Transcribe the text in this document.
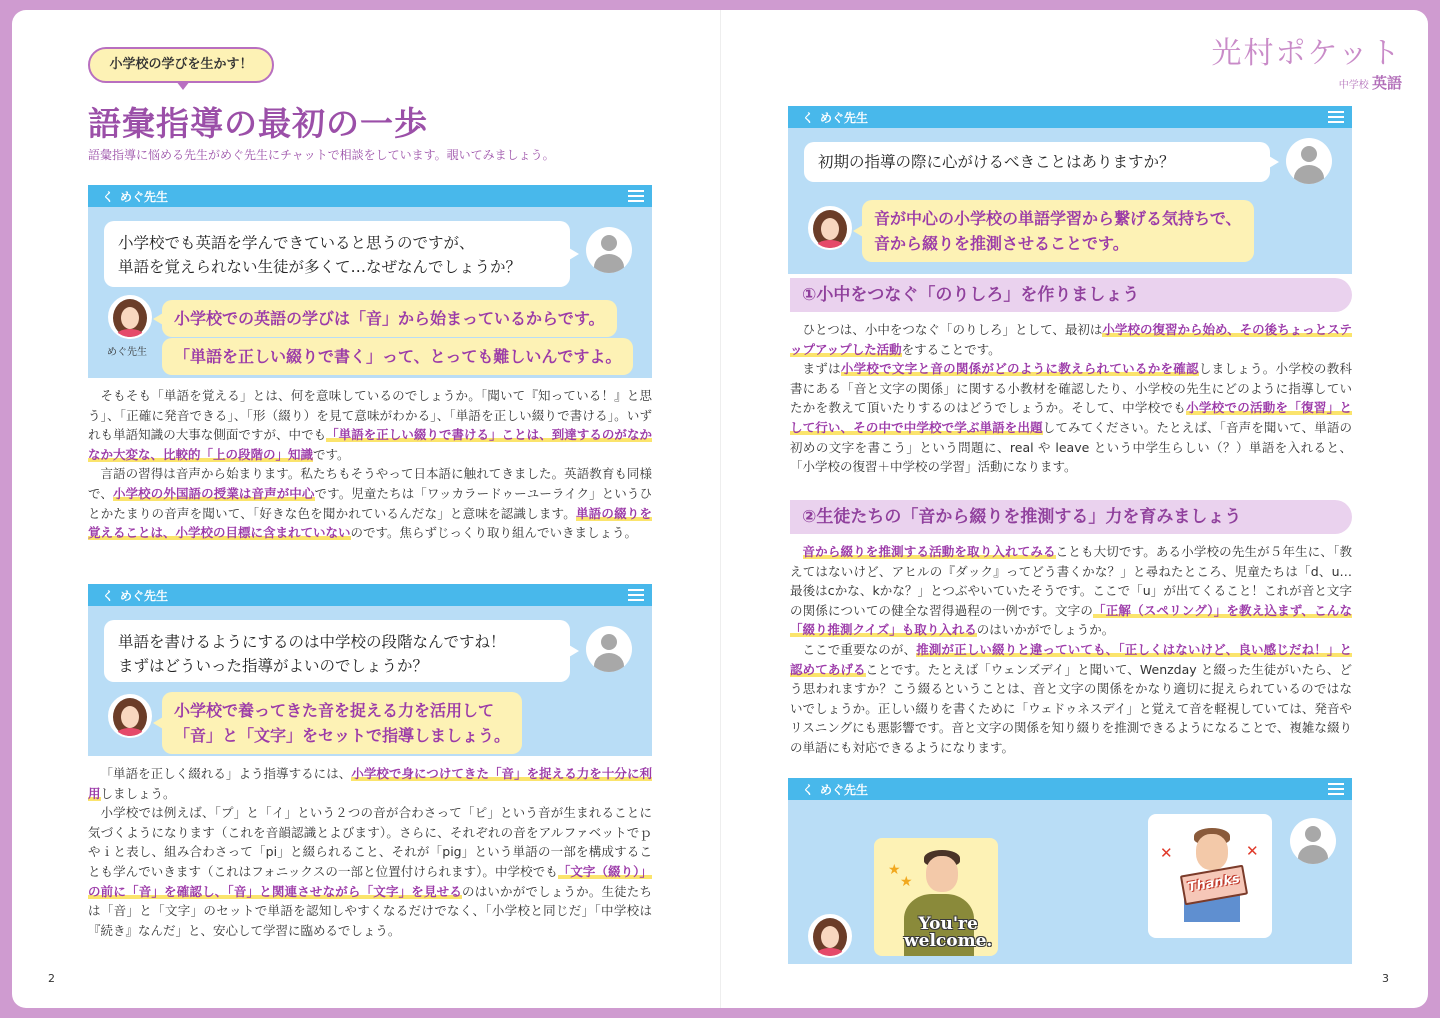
小学校の学びを生かす！
語彙指導の最初の一歩
語彙指導に悩める先生がめぐ先生にチャットで相談をしています。覗いてみましょう。
光村ポケット
中学校 英語
く めぐ先生
小学校でも英語を学んできていると思うのですが、
単語を覚えられない生徒が多くて…なぜなんでしょうか？
めぐ先生
小学校での英語の学びは「音」から始まっているからです。
「単語を正しい綴りで書く」って、とっても難しいんですよ。

そもそも「単語を覚える」とは、何を意味しているのでしょうか。「聞いて『知っている！』と思う」、「正確に発音できる」、「形（綴り）を見て意味がわかる」、「単語を正しい綴りで書ける」。いずれも単語知識の大事な側面ですが、中でも「単語を正しい綴りで書ける」ことは、到達するのがなかなか大変な、比較的「上の段階の」知識です。

言語の習得は音声から始まります。私たちもそうやって日本語に触れてきました。英語教育も同様で、小学校の外国語の授業は音声が中心です。児童たちは「ワッカラードゥーユーライク」というひとかたまりの音声を聞いて、「好きな色を聞かれているんだな」と意味を認識します。単語の綴りを覚えることは、小学校の目標に含まれていないのです。焦らずじっくり取り組んでいきましょう。

く めぐ先生
単語を書けるようにするのは中学校の段階なんですね！
まずはどういった指導がよいのでしょうか？
小学校で養ってきた音を捉える力を活用して
「音」と「文字」をセットで指導しましょう。

「単語を正しく綴れる」よう指導するには、小学校で身につけてきた「音」を捉える力を十分に利用しましょう。

小学校では例えば、「プ」と「イ」という２つの音が合わさって「ピ」という音が生まれることに気づくようになります（これを音韻認識とよびます）。さらに、それぞれの音をアルファベットでｐやｉと表し、組み合わさって「pi」と綴られること、それが「pig」という単語の一部を構成することも学んでいきます（これはフォニックスの一部と位置付けられます）。中学校でも「文字（綴り）」の前に「音」を確認し、「音」と関連させながら「文字」を見せるのはいかがでしょうか。生徒たちは「音」と「文字」のセットで単語を認知しやすくなるだけでなく、「小学校と同じだ」「中学校は『続き』なんだ」と、安心して学習に臨めるでしょう。

く めぐ先生
初期の指導の際に心がけるべきことはありますか？
音が中心の小学校の単語学習から繋げる気持ちで、
音から綴りを推測させることです。
①小中をつなぐ「のりしろ」を作りましょう

ひとつは、小中をつなぐ「のりしろ」として、最初は小学校の復習から始め、その後ちょっとステップアップした活動をすることです。

まずは小学校で文字と音の関係がどのように教えられているかを確認しましょう。小学校の教科書にある「音と文字の関係」に関する小教材を確認したり、小学校の先生にどのように指導していたかを教えて頂いたりするのはどうでしょうか。そして、中学校でも小学校での活動を「復習」として行い、その中で中学校で学ぶ単語を出題してみてください。たとえば、「音声を聞いて、単語の初めの文字を書こう」という問題に、real や leave という中学生らしい（？）単語を入れると、「小学校の復習＋中学校の学習」活動になります。

②生徒たちの「音から綴りを推測する」力を育みましょう

音から綴りを推測する活動を取り入れてみることも大切です。ある小学校の先生が５年生に、「教えてはないけど、アヒルの『ダック』ってどう書くかな？」と尋ねたところ、児童たちは「d、u…最後はcかな、kかな？」とつぶやいていたそうです。ここで「u」が出てくること！これが音と文字の関係についての健全な習得過程の一例です。文字の「正解（スペリング）」を教え込まず、こんな「綴り推測クイズ」も取り入れるのはいかがでしょうか。

ここで重要なのが、推測が正しい綴りと違っていても、「正しくはないけど、良い感じだね！」と認めてあげることです。たとえば「ウェンズデイ」と聞いて、Wenzday と綴った生徒がいたら、どう思われますか？こう綴るということは、音と文字の関係をかなり適切に捉えられているのではないでしょうか。正しい綴りを書くために「ウェドゥネスデイ」と覚えて音を軽視していては、発音やリスニングにも悪影響です。音と文字の関係を知り綴りを推測できるようになることで、複雑な綴りの単語にも対応できるようになります。

く めぐ先生
✕	✕
Thanks
★
★
You're
welcome.
2	3
